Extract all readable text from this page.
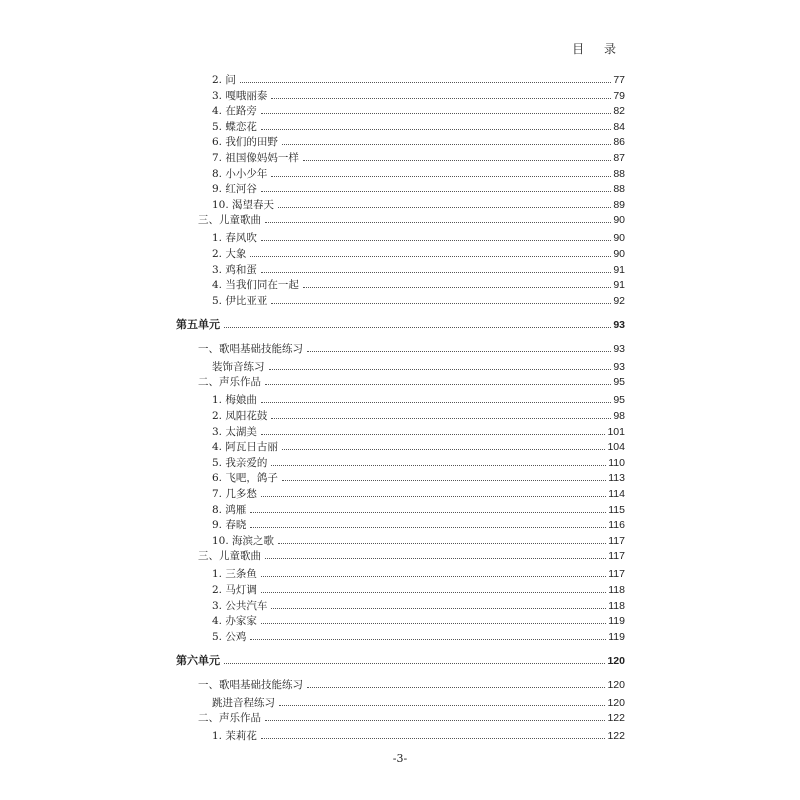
目 录
2. 问	77
3. 嘎哦丽泰	79
4. 在路旁	82
5. 蝶恋花	84
6. 我们的田野	86
7. 祖国像妈妈一样	87
8. 小小少年	88
9. 红河谷	88
10. 渴望春天	89
三、儿童歌曲	90
1. 春风吹	90
2. 大象	90
3. 鸡和蛋	91
4. 当我们同在一起	91
5. 伊比亚亚	92
第五单元	93
一、歌唱基础技能练习	93
装饰音练习	93
二、声乐作品	95
1. 梅娘曲	95
2. 凤阳花鼓	98
3. 太湖美	101
4. 阿瓦日古丽	104
5. 我亲爱的	110
6. 飞吧，鸽子	113
7. 几多愁	114
8. 鸿雁	115
9. 春晓	116
10. 海滨之歌	117
三、儿童歌曲	117
1. 三条鱼	117
2. 马灯调	118
3. 公共汽车	118
4. 办家家	119
5. 公鸡	119
第六单元	120
一、歌唱基础技能练习	120
跳进音程练习	120
二、声乐作品	122
1. 茉莉花	122
-3-
